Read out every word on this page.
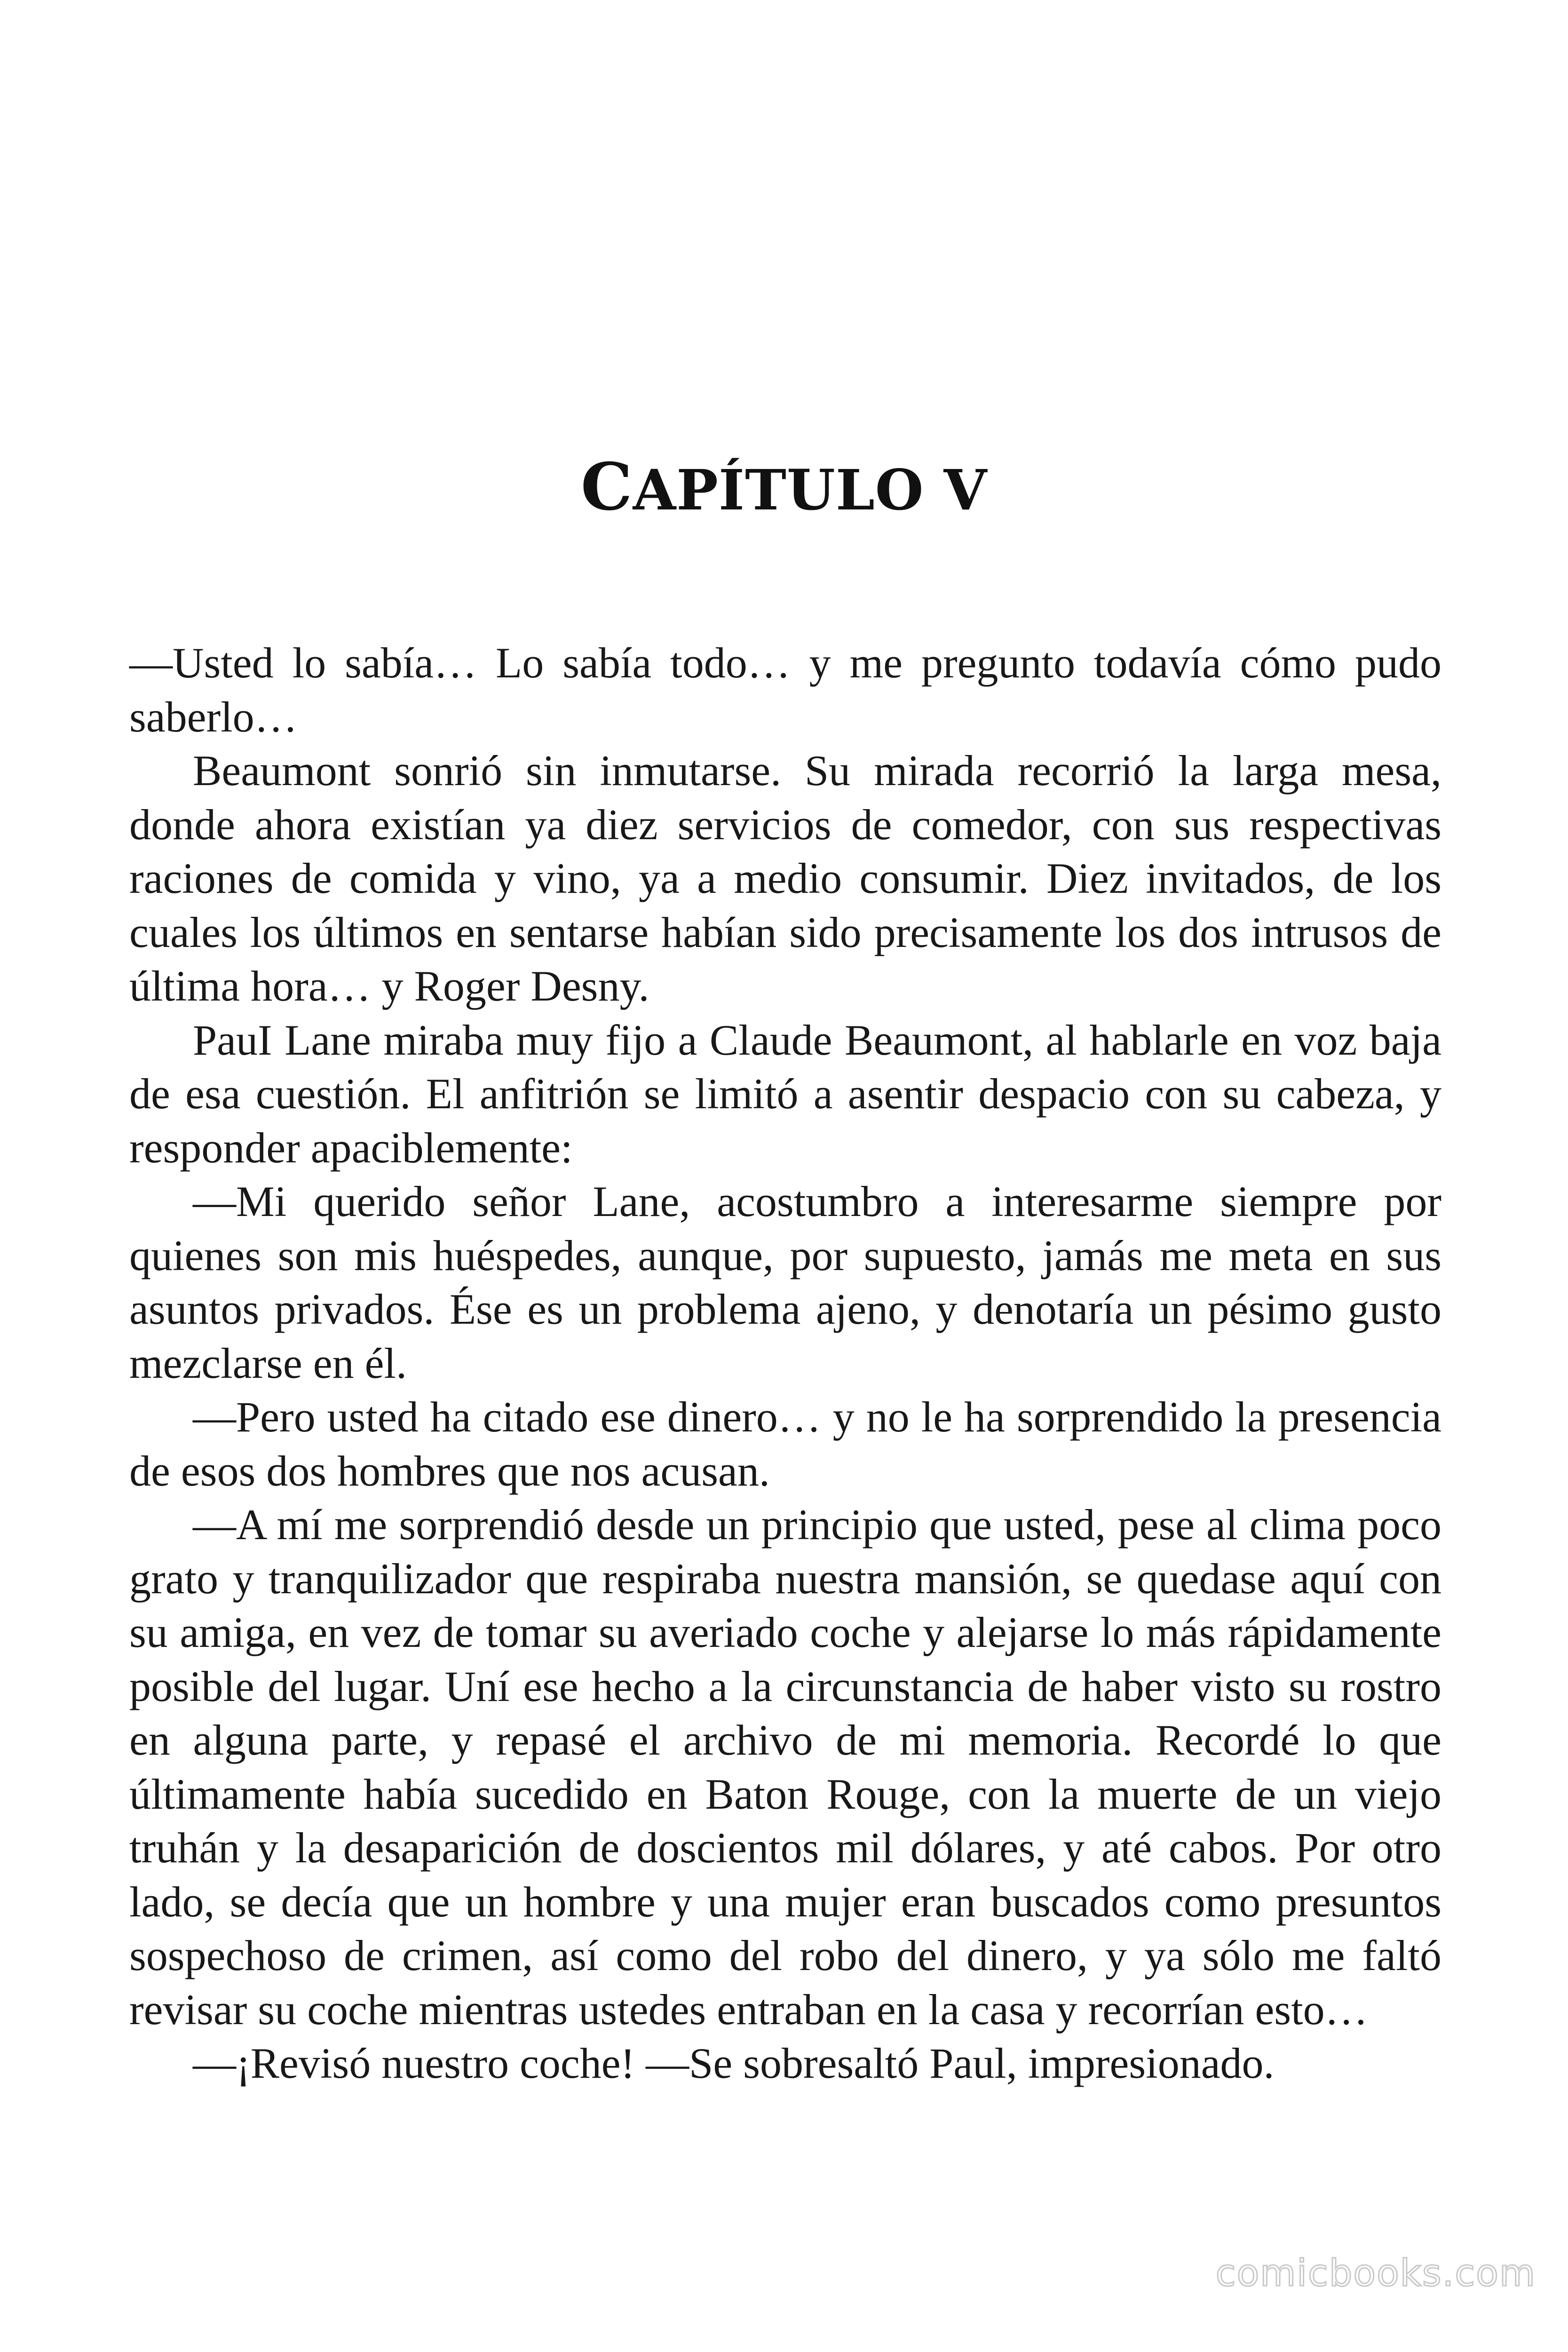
CAPÍTULO V

—Usted lo sabía… Lo sabía todo… y me pregunto todavía cómo pudo saberlo…

Beaumont sonrió sin inmutarse. Su mirada recorrió la larga mesa, donde ahora existían ya diez servicios de comedor, con sus respectivas raciones de comida y vino, ya a medio consumir. Diez invitados, de los cuales los últimos en sentarse habían sido precisamente los dos intrusos de última hora… y Roger Desny.

PauI Lane miraba muy fijo a Claude Beaumont, al hablarle en voz baja de esa cuestión. El anfitrión se limitó a asentir despacio con su cabeza, y responder apaciblemente:

—Mi querido señor Lane, acostumbro a interesarme siempre por quienes son mis huéspedes, aunque, por supuesto, jamás me meta en sus asuntos privados. Ése es un problema ajeno, y denotaría un pésimo gusto mezclarse en él.

—Pero usted ha citado ese dinero… y no le ha sorprendido la presencia de esos dos hombres que nos acusan.

—A mí me sorprendió desde un principio que usted, pese al clima poco grato y tranquilizador que respiraba nuestra mansión, se quedase aquí con su amiga, en vez de tomar su averiado coche y alejarse lo más rápidamente posible del lugar. Uní ese hecho a la circunstancia de haber visto su rostro en alguna parte, y repasé el archivo de mi memoria. Recordé lo que últimamente había sucedido en Baton Rouge, con la muerte de un viejo truhán y la desaparición de doscientos mil dólares, y até cabos. Por otro lado, se decía que un hombre y una mujer eran buscados como presuntos sospechoso de crimen, así como del robo del dinero, y ya sólo me faltó revisar su coche mientras ustedes entraban en la casa y recorrían esto…

—¡Revisó nuestro coche! —Se sobresaltó Paul, impresionado.

comicbooks.com
